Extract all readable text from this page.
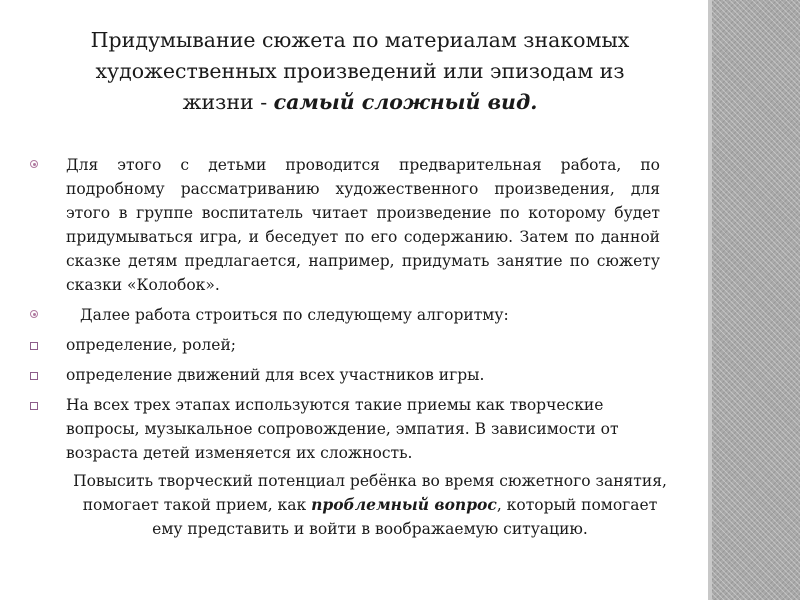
Придумывание сюжета по материалам знакомых
художественных произведений или эпизодам из
жизни - самый сложный вид.
Для этого с детьми проводится предварительная работа, по подробному рассматриванию художественного произведения, для этого в группе воспитатель читает произведение по которому будет придумываться игра, и беседует по его содержанию. Затем по данной сказке детям предлагается, например, придумать занятие по сюжету сказки «Колобок».
Далее работа строиться по следующему алгоритму:
определение, ролей;
определение движений для всех участников игры.
На всех трех этапах используются такие приемы как творческие вопросы, музыкальное сопровождение, эмпатия. В зависимости от возраста детей изменяется их сложность.
Повысить творческий потенциал ребёнка во время сюжетного занятия, помогает такой прием, как проблемный вопрос, который помогает ему представить и войти в воображаемую ситуацию.
